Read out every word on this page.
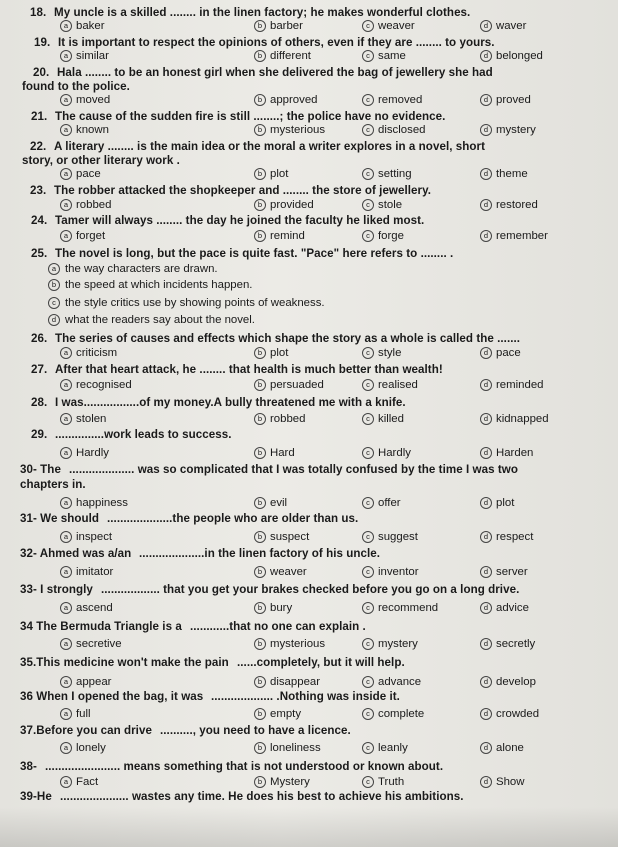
18. My uncle is a skilled ........ in the linen factory; he makes wonderful clothes.
a baker	b barber	c weaver	d waver
19. It is important to respect the opinions of others, even if they are ........ to yours.
a similar	b different	c same	d belonged
20. Hala ........ to be an honest girl when she delivered the bag of jewellery she had
found to the police.
a moved	b approved	c removed	d proved
21. The cause of the sudden fire is still ........; the police have no evidence.
a known	b mysterious	c disclosed	d mystery
22. A literary ........ is the main idea or the moral a writer explores in a novel, short
story, or other literary work .
a pace	b plot	c setting	d theme
23. The robber attacked the shopkeeper and ........ the store of jewellery.
a robbed	b provided	c stole	d restored
24. Tamer will always ........ the day he joined the faculty he liked most.
a forget	b remind	c forge	d remember
25. The novel is long, but the pace is quite fast. "Pace" here refers to ........ .
a the way characters are drawn.
b the speed at which incidents happen.
c the style critics use by showing points of weakness.
d what the readers say about the novel.
26. The series of causes and effects which shape the story as a whole is called the .......
a criticism	b plot	c style	d pace
27. After that heart attack, he ........ that health is much better than wealth!
a recognised	b persuaded	c realised	d reminded
28. I was.................of my money.A bully threatened me with a knife.
a stolen	b robbed	c killed	d kidnapped
29. ...............work leads to success.
a Hardly	b Hard	c Hardly	d Harden
30- The .................... was so complicated that I was totally confused by the time I was two
chapters in.
a happiness	b evil	c offer	d plot
31- We should ....................the people who are older than us.
a inspect	b suspect	c suggest	d respect
32- Ahmed was a/an ....................in the linen factory of his uncle.
a imitator	b weaver	c inventor	d server
33- I strongly .................. that you get your brakes checked before you go on a long drive.
a ascend	b bury	c recommend	d advice
34 The Bermuda Triangle is a ............that no one can explain .
a secretive	b mysterious	c mystery	d secretly
35.This medicine won't make the pain ......completely, but it will help.
a appear	b disappear	c advance	d develop
36 When I opened the bag, it was ................... .Nothing was inside it.
a full	b empty	c complete	d crowded
37.Before you can drive .........., you need to have a licence.
a lonely	b loneliness	c leanly	d alone
38- ....................... means something that is not understood or known about.
a Fact	b Mystery	c Truth	d Show
39-He ..................... wastes any time. He does his best to achieve his ambitions.
